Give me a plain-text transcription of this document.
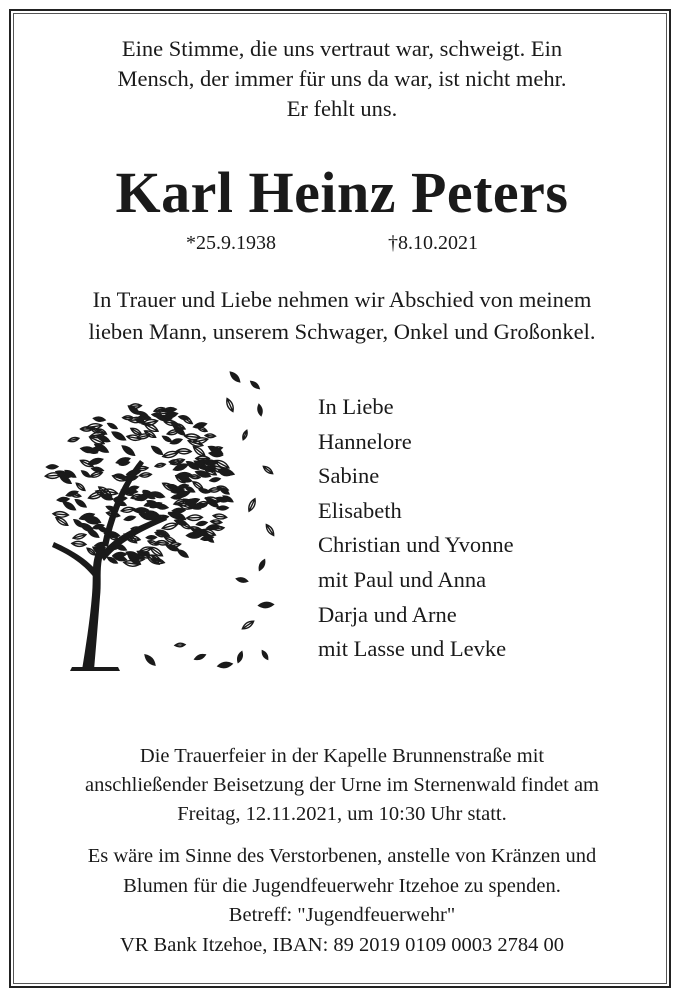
Eine Stimme, die uns vertraut war, schweigt. Ein
Mensch, der immer für uns da war, ist nicht mehr.
Er fehlt uns.
Karl Heinz Peters
*25.9.1938	†8.10.2021
In Trauer und Liebe nehmen wir Abschied von meinem
lieben Mann, unserem Schwager, Onkel und Großonkel.
In Liebe
Hannelore
Sabine
Elisabeth
Christian und Yvonne
mit Paul und Anna
Darja und Arne
mit Lasse und Levke
Die Trauerfeier in der Kapelle Brunnenstraße mit
anschließender Beisetzung der Urne im Sternenwald findet am
Freitag, 12.11.2021, um 10:30 Uhr statt.
Es wäre im Sinne des Verstorbenen, anstelle von Kränzen und
Blumen für die Jugendfeuerwehr Itzehoe zu spenden.
Betreff: "Jugendfeuerwehr"
VR Bank Itzehoe, IBAN: 89 2019 0109 0003 2784 00
